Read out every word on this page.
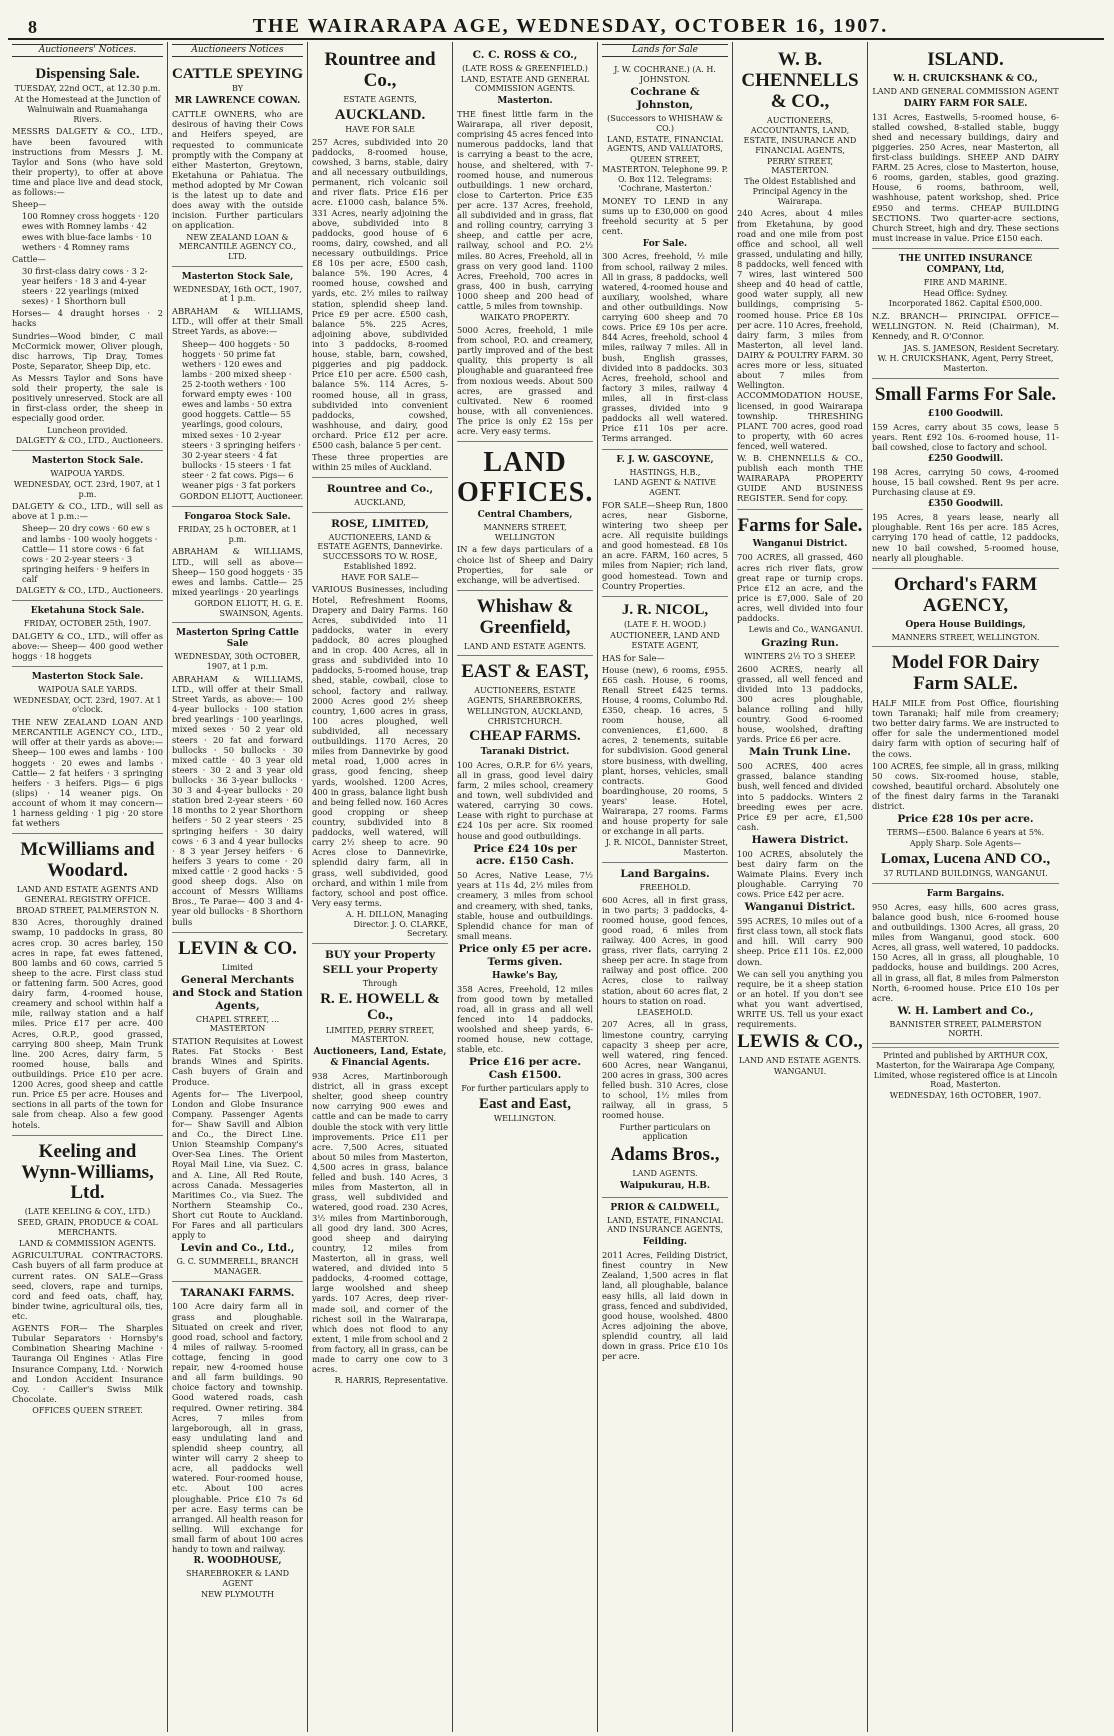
8	THE WAIRARAPA AGE, WEDNESDAY, OCTOBER 16, 1907.
Auctioneers' Notices.
Dispensing Sale.
TUESDAY, 22nd OCT., at 12.30 p.m.
At the Homestead at the Junction of Walnuiwain and Ruamahanga Rivers.
MESSRS DALGETY & CO., LTD., have been favoured with instructions from Messrs J. M. Taylor and Sons (who have sold their property), to offer at above time and place live and dead stock, as follows:—
Sheep—
100 Romney cross hoggets · 120 ewes with Romney lambs · 42 ewes with blue-face lambs · 10 wethers · 4 Romney rams
Cattle—
30 first-class dairy cows · 3 2-year heifers · 18 3 and 4-year steers · 22 yearlings (mixed sexes) · 1 Shorthorn bull
Horses— 4 draught horses · 2 hacks
Sundries—Wood binder, C mail McCormick mower, Oliver plough, disc harrows, Tip Dray, Tomes Poste, Separator, Sheep Dip, etc.
As Messrs Taylor and Sons have sold their property, the sale is positively unreserved. Stock are all in first-class order, the sheep in especially good order.
Luncheon provided.
DALGETY & CO., LTD., Auctioneers.
Masterton Stock Sale.
WAIPOUA YARDS.
WEDNESDAY, OCT. 23rd, 1907, at 1 p.m.
DALGETY & CO., LTD., will sell as above at 1 p.m.:—
Sheep— 20 dry cows · 60 ew s and lambs · 100 wooly hoggets · Cattle— 11 store cows · 6 fat cows · 20 2-year steers · 3 springing heifers · 9 heifers in calf
DALGETY & CO., LTD., Auctioneers.
Eketahuna Stock Sale.
FRIDAY, OCTOBER 25th, 1907.
DALGETY & CO., LTD., will offer as above:— Sheep— 400 good wether hoggs · 18 hoggets
Masterton Stock Sale.
WAIPOUA SALE YARDS.
WEDNESDAY, OCT. 23rd, 1907. At 1 o'clock.
THE NEW ZEALAND LOAN AND MERCANTILE AGENCY CO., LTD., will offer at their yards as above:— Sheep— 100 ewes and lambs · 100 hoggets · 20 ewes and lambs · Cattle— 2 fat heifers · 3 springing heifers · 3 heifers. Pigs— 6 pigs (slips) · 14 weaner pigs. On account of whom it may concern— 1 harness gelding · 1 pig · 20 store fat wethers
McWilliams and Woodard.
LAND AND ESTATE AGENTS AND GENERAL REGISTRY OFFICE.
BROAD STREET, PALMERSTON N.
830 Acres, thoroughly drained swamp, 10 paddocks in grass, 80 acres crop. 30 acres barley, 150 acres in rape, fat ewes fattened, 800 lambs and 60 cows, carried 5 sheep to the acre. First class stud or fattening farm. 500 Acres, good dairy farm, 4-roomed house, creamery and school within half a mile, railway station and a half miles. Price £17 per acre. 400 Acres, O.R.P., good grassed, carrying 800 sheep, Main Trunk line. 200 Acres, dairy farm, 5 roomed house, balls and outbuildings. Price £10 per acre. 1200 Acres, good sheep and cattle run. Price £5 per acre. Houses and sections in all parts of the town for sale from cheap. Also a few good hotels.
Keeling and Wynn-Williams, Ltd.
(LATE KEELING & COY., LTD.)
SEED, GRAIN, PRODUCE & COAL MERCHANTS.
LAND & COMMISSION AGENTS.
AGRICULTURAL CONTRACTORS. Cash buyers of all farm produce at current rates. ON SALE—Grass seed, clovers, rape and turnips, cord and feed oats, chaff, hay, binder twine, agricultural oils, ties, etc.
AGENTS FOR— The Sharples Tubular Separators · Hornsby's Combination Shearing Machine · Tauranga Oil Engines · Atlas Fire Insurance Company, Ltd. · Norwich and London Accident Insurance Coy. · Cailler's Swiss Milk Chocolate.
OFFICES QUEEN STREET.
Auctioneers Notices
CATTLE SPEYING
BY
MR LAWRENCE COWAN.
CATTLE OWNERS, who are desirous of having their Cows and Heifers speyed, are requested to communicate promptly with the Company at either Masterton, Greytown, Eketahuna or Pahiatua. The method adopted by Mr Cowan is the latest up to date and does away with the outside incision. Further particulars on application.
NEW ZEALAND LOAN & MERCANTILE AGENCY CO., LTD.
Masterton Stock Sale,
WEDNESDAY, 16th OCT., 1907, at 1 p.m.
ABRAHAM & WILLIAMS, LTD., will offer at their Small Street Yards, as above:—
Sheep— 400 hoggets · 50 hoggets · 50 prime fat wethers · 120 ewes and lambs · 200 mixed sheep · 25 2-tooth wethers · 100 forward empty ewes · 100 ewes and lambs · 50 extra good hoggets. Cattle— 55 yearlings, good colours, mixed sexes · 10 2-year steers · 3 springing heifers · 30 2-year steers · 4 fat bullocks · 15 steers · 1 fat steer · 2 fat cows. Pigs— 6 weaner pigs · 3 fat porkers
GORDON ELIOTT, Auctioneer.
Fongaroa Stock Sale.
FRIDAY, 25 h OCTOBER, at 1 p.m.
ABRAHAM & WILLIAMS, LTD., will sell as above— Sheep— 150 good hoggets · 35 ewes and lambs. Cattle— 25 mixed yearlings · 20 yearlings
GORDON ELIOTT, H. G. E. SWAINSON, Agents.
Masterton Spring Cattle Sale
WEDNESDAY, 30th OCTOBER, 1907, at 1 p.m.
ABRAHAM & WILLIAMS, LTD., will offer at their Small Street Yards, as above:— 100 4-year bullocks · 100 station bred yearlings · 100 yearlings, mixed sexes · 50 2 year old steers · 20 fat and forward bullocks · 50 bullocks · 30 mixed cattle · 40 3 year old steers · 30 2 and 3 year old bullocks · 36 3-year bullocks · 30 3 and 4-year bullocks · 20 station bred 2-year steers · 60 18 months to 2 year Shorthorn heifers · 50 2 year steers · 25 springing heifers · 30 dairy cows · 6 3 and 4 year bullocks · 8 3 year Jersey heifers · 6 heifers 3 years to come · 20 mixed cattle · 2 good hacks · 5 good sheep dogs. Also on account of Messrs Williams Bros., Te Parae— 400 3 and 4-year old bullocks · 8 Shorthorn bulls
LEVIN & CO.
Limited
General Merchants and Stock and Station Agents,
CHAPEL STREET, ... MASTERTON
STATION Requisites at Lowest Rates. Fat Stocks · Best brands Wines and Spirits. Cash buyers of Grain and Produce.
Agents for— The Liverpool, London and Globe Insurance Company. Passenger Agents for— Shaw Savill and Albion and Co., the Direct Line. Union Steamship Company's Over-Sea Lines. The Orient Royal Mail Line, via Suez. C. and A. Line, All Red Route, across Canada. Messageries Maritimes Co., via Suez. The Northern Steamship Co., Short cut Route to Auckland. For Fares and all particulars apply to
Levin and Co., Ltd.,
G. C. SUMMERELL, BRANCH MANAGER.
TARANAKI FARMS.
100 Acre dairy farm all in grass and ploughable. Situated on creek and river, good road, school and factory, 4 miles of railway. 5-roomed cottage, fencing in good repair, new 4-roomed house and all farm buildings. 90 choice factory and township. Good watered roads, cash required. Owner retiring. 384 Acres, 7 miles from largeborough, all in grass, easy undulating land and splendid sheep country, all winter will carry 2 sheep to acre, all paddocks well watered. Four-roomed house, etc. About 100 acres ploughable. Price £10 7s 6d per acre. Easy terms can be arranged. All health reason for selling. Will exchange for small farm of about 100 acres handy to town and railway.
R. WOODHOUSE,
SHAREBROKER & LAND AGENT
NEW PLYMOUTH
Rountree and Co.,
ESTATE AGENTS,
AUCKLAND.
HAVE FOR SALE
257 Acres, subdivided into 20 paddocks, 8-roomed house, cowshed, 3 barns, stable, dairy and all necessary outbuildings, permanent, rich volcanic soil and river flats. Price £16 per acre. £1000 cash, balance 5%. 331 Acres, nearly adjoining the above, subdivided into 8 paddocks, good house of 6 rooms, dairy, cowshed, and all necessary outbuildings. Price £8 10s per acre, £500 cash, balance 5%. 190 Acres, 4 roomed house, cowshed and yards, etc. 2½ miles to railway station, splendid sheep land. Price £9 per acre. £500 cash, balance 5%. 225 Acres, adjoining above, subdivided into 3 paddocks, 8-roomed house, stable, barn, cowshed, piggeries and pig paddock. Price £10 per acre. £500 cash, balance 5%. 114 Acres, 5-roomed house, all in grass, subdivided into convenient paddocks, cowshed, washhouse, and dairy, good orchard. Price £12 per acre. £500 cash, balance 5 per cent.
These three properties are within 25 miles of Auckland.
Rountree and Co.,
AUCKLAND,
ROSE, LIMITED,
AUCTIONEERS, LAND & ESTATE AGENTS, Dannevirke. SUCCESSORS TO W. ROSE, Established 1892.
HAVE FOR SALE—
VARIOUS Businesses, including Hotel, Refreshment Rooms, Drapery and Dairy Farms. 160 Acres, subdivided into 11 paddocks, water in every paddock, 80 acres ploughed and in crop. 400 Acres, all in grass and subdivided into 10 paddocks, 5-roomed house, trap shed, stable, cowbail, close to school, factory and railway. 2000 Acres good 2½ sheep country, 1,600 acres in grass, 100 acres ploughed, well subdivided, all necessary outbuildings. 1170 Acres, 20 miles from Dannevirke by good metal road, 1,000 acres in grass, good fencing, sheep yards, woolshed. 1200 Acres, 400 in grass, balance light bush and being felled now. 160 Acres good cropping or sheep country, subdivided into 8 paddocks, well watered, will carry 2½ sheep to acre. 90 Acres close to Dannevirke, splendid dairy farm, all in grass, well subdivided, good orchard, and within 1 mile from factory, school and post office. Very easy terms.
A. H. DILLON, Managing Director. J. O. CLARKE, Secretary.
BUY your Property
SELL your Property
Through
R. E. HOWELL & Co.,
LIMITED, PERRY STREET, MASTERTON.
Auctioneers, Land, Estate, & Financial Agents.
938 Acres, Martinborough district, all in grass except shelter, good sheep country now carrying 900 ewes and cattle and can be made to carry double the stock with very little improvements. Price £11 per acre. 7,500 Acres, situated about 50 miles from Masterton, 4,500 acres in grass, balance felled and bush. 140 Acres, 3 miles from Masterton, all in grass, well subdivided and watered, good road. 230 Acres, 3½ miles from Martinborough, all good dry land. 300 Acres, good sheep and dairying country, 12 miles from Masterton, all in grass, well watered, and divided into 5 paddocks, 4-roomed cottage, large woolshed and sheep yards. 107 Acres, deep river-made soil, and corner of the richest soil in the Wairarapa, which does not flood to any extent, 1 mile from school and 2 from factory, all in grass, can be made to carry one cow to 3 acres.
R. HARRIS, Representative.
C. C. ROSS & CO.,
(LATE ROSS & GREENFIELD.)
LAND, ESTATE AND GENERAL COMMISSION AGENTS.
Masterton.
THE finest little farm in the Wairarapa, all river deposit, comprising 45 acres fenced into numerous paddocks, land that is carrying a beast to the acre, house, and sheltered, with 7-roomed house, and numerous outbuildings. 1 new orchard, close to Carterton. Price £35 per acre. 137 Acres, freehold, all subdivided and in grass, flat and rolling country, carrying 3 sheep, and cattle per acre, railway, school and P.O. 2½ miles. 80 Acres, Freehold, all in grass on very good land. 1100 Acres, Freehold, 700 acres in grass, 400 in bush, carrying 1000 sheep and 200 head of cattle, 5 miles from township.
WAIKATO PROPERTY.
5000 Acres, freehold, 1 mile from school, P.O. and creamery, partly improved and of the best quality, this property is all ploughable and guaranteed free from noxious weeds. About 500 acres, are grassed and cultivated. New 6 roomed house, with all conveniences. The price is only £2 15s per acre. Very easy terms.
LAND OFFICES.
Central Chambers,
MANNERS STREET, WELLINGTON
IN a few days particulars of a choice list of Sheep and Dairy Properties, for sale or exchange, will be advertised.
Whishaw & Greenfield,
LAND AND ESTATE AGENTS.
EAST & EAST,
AUCTIONEERS, ESTATE AGENTS, SHAREBROKERS,
WELLINGTON, AUCKLAND, CHRISTCHURCH.
CHEAP FARMS.
Taranaki District.
100 Acres, O.R.P. for 6½ years, all in grass, good level dairy farm, 2 miles school, creamery and town, well subdivided and watered, carrying 30 cows. Lease with right to purchase at £24 10s per acre. Six roomed house and good outbuildings.
Price £24 10s per acre. £150 Cash.
50 Acres, Native Lease, 7½ years at 11s 4d, 2½ miles from creamery, 3 miles from school and creamery, with shed, tanks, stable, house and outbuildings. Splendid chance for man of small means.
Price only £5 per acre. Terms given.
Hawke's Bay,
358 Acres, Freehold, 12 miles from good town by metalled road, all in grass and all well fenced into 14 paddocks, woolshed and sheep yards, 6-roomed house, new cottage, stable, etc.
Price £16 per acre. Cash £1500.
For further particulars apply to
East and East,
WELLINGTON.
Lands for Sale
J. W. COCHRANE.) (A. H. JOHNSTON.
Cochrane & Johnston,
(Successors to WHISHAW & CO.)
LAND, ESTATE, FINANCIAL AGENTS, AND VALUATORS,
QUEEN STREET, MASTERTON. Telephone 99. P. O. Box 112. Telegrams: 'Cochrane, Masterton.'
MONEY TO LEND in any sums up to £30,000 on good freehold security at 5 per cent.
For Sale.
300 Acres, freehold, ½ mile from school, railway 2 miles. All in grass, 8 paddocks, well watered, 4-roomed house and auxiliary, woolshed, whare and other outbuildings. Now carrying 600 sheep and 70 cows. Price £9 10s per acre. 844 Acres, freehold, school 4 miles, railway 7 miles. All in bush, English grasses, divided into 8 paddocks. 303 Acres, freehold, school and factory 3 miles, railway 4 miles, all in first-class grasses, divided into 9 paddocks all well watered. Price £11 10s per acre. Terms arranged.
F. J. W. GASCOYNE,
HASTINGS, H.B.,
LAND AGENT & NATIVE AGENT.
FOR SALE—Sheep Run, 1800 acres, near Gisborne, wintering two sheep per acre. All requisite buildings and good homestead. £8 10s an acre. FARM, 160 acres, 5 miles from Napier; rich land, good homestead. Town and Country Properties.
J. R. NICOL,
(LATE F. H. WOOD.)
AUCTIONEER, LAND AND ESTATE AGENT,
HAS for Sale—
House (new), 6 rooms, £955. £65 cash. House, 6 rooms, Renall Street £425 terms. House, 4 rooms, Columbo Rd. £350, cheap. 16 acres, 5 room house, all conveniences, £1,600. 8 acres, 2 tenements, suitable for subdivision. Good general store business, with dwelling, plant, horses, vehicles, small contracts. Good boardinghouse, 20 rooms, 5 years' lease. Hotel, Wairarapa, 27 rooms. Farms and house property for sale or exchange in all parts.
J. R. NICOL, Dannister Street, Masterton.
Land Bargains.
FREEHOLD.
600 Acres, all in first grass, in two parts; 3 paddocks, 4-roomed house, good fences, good road, 6 miles from railway. 400 Acres, in good grass, river flats, carrying 2 sheep per acre. In stage from railway and post office. 200 Acres, close to railway station, about 60 acres flat, 2 hours to station on road.
LEASEHOLD.
207 Acres, all in grass, limestone country, carrying capacity 3 sheep per acre, well watered, ring fenced. 600 Acres, near Wanganui, 200 acres in grass, 300 acres felled bush. 310 Acres, close to school, 1½ miles from railway, all in grass, 5 roomed house.
Further particulars on application
Adams Bros.,
LAND AGENTS.
Waipukurau, H.B.
PRIOR & CALDWELL,
LAND, ESTATE, FINANCIAL AND INSURANCE AGENTS,
Feilding.
2011 Acres, Feilding District, finest country in New Zealand, 1,500 acres in flat land, all ploughable, balance easy hills, all laid down in grass, fenced and subdivided, good house, woolshed. 4800 Acres adjoining the above, splendid country, all laid down in grass. Price £10 10s per acre.
W. B. CHENNELLS & CO.,
AUCTIONEERS,
ACCOUNTANTS, LAND, ESTATE, INSURANCE AND FINANCIAL AGENTS,
PERRY STREET, MASTERTON.
The Oldest Established and Principal Agency in the Wairarapa.
240 Acres, about 4 miles from Eketahuna, by good road and one mile from post office and school, all well grassed, undulating and hilly, 8 paddocks, well fenced with 7 wires, last wintered 500 sheep and 40 head of cattle, good water supply, all new buildings, comprising 5-roomed house. Price £8 10s per acre. 110 Acres, freehold, dairy farm, 3 miles from Masterton, all level land. DAIRY & POULTRY FARM. 30 acres more or less, situated about 7 miles from Wellington. ACCOMMODATION HOUSE, licensed, in good Wairarapa township. THRESHING PLANT. 700 acres, good road to property, with 60 acres fenced, well watered.
W. B. CHENNELLS & CO., publish each month THE WAIRARAPA PROPERTY GUIDE AND BUSINESS REGISTER. Send for copy.
Farms for Sale.
Wanganui District.
700 ACRES, all grassed, 460 acres rich river flats, grow great rape or turnip crops. Price £12 an acre, and the price is £7,000. Sale of 20 acres, well divided into four paddocks.
Lewis and Co., WANGANUI.
Grazing Run.
WINTERS 2½ TO 3 SHEEP.
2600 ACRES, nearly all grassed, all well fenced and divided into 13 paddocks, 300 acres ploughable, balance rolling and hilly country. Good 6-roomed house, woolshed, drafting yards. Price £6 per acre.
Main Trunk Line.
500 ACRES, 400 acres grassed, balance standing bush, well fenced and divided into 5 paddocks. Winters 2 breeding ewes per acre. Price £9 per acre, £1,500 cash.
Hawera District.
100 ACRES, absolutely the best dairy farm on the Waimate Plains. Every inch ploughable. Carrying 70 cows. Price £42 per acre.
Wanganui District.
595 ACRES, 10 miles out of a first class town, all stock flats and hill. Will carry 900 sheep. Price £11 10s. £2,000 down.
We can sell you anything you require, be it a sheep station or an hotel. If you don't see what you want advertised, WRITE US. Tell us your exact requirements.
LEWIS & CO.,
LAND AND ESTATE AGENTS.
WANGANUI.
ISLAND.
W. H. CRUICKSHANK & CO.,
LAND AND GENERAL COMMISSION AGENT
DAIRY FARM FOR SALE.
131 Acres, Eastwells, 5-roomed house, 6-stalled cowshed, 8-stalled stable, buggy shed and necessary buildings, dairy and piggeries. 250 Acres, near Masterton, all first-class buildings. SHEEP AND DAIRY FARM. 25 Acres, close to Masterton, house, 6 rooms, garden, stables, good grazing. House, 6 rooms, bathroom, well, washhouse, patent workshop, shed. Price £950 and terms. CHEAP BUILDING SECTIONS. Two quarter-acre sections, Church Street, high and dry. These sections must increase in value. Price £150 each.
THE UNITED INSURANCE COMPANY, Ltd,
FIRE AND MARINE.
Head Office: Sydney.
Incorporated 1862. Capital £500,000.
N.Z. BRANCH— PRINCIPAL OFFICE—WELLINGTON. N. Reid (Chairman), M. Kennedy, and R. O'Connor.
JAS. S. JAMESON, Resident Secretary.
W. H. CRUICKSHANK, Agent, Perry Street, Masterton.
Small Farms For Sale.
£100 Goodwill.
159 Acres, carry about 35 cows, lease 5 years. Rent £92 10s. 6-roomed house, 11-bail cowshed, close to factory and school.
£250 Goodwill.
198 Acres, carrying 50 cows, 4-roomed house, 15 bail cowshed. Rent 9s per acre. Purchasing clause at £9.
£350 Goodwill.
195 Acres, 8 years lease, nearly all ploughable. Rent 16s per acre. 185 Acres, carrying 170 head of cattle, 12 paddocks, new 10 bail cowshed, 5-roomed house, nearly all ploughable.
Orchard's FARM AGENCY,
Opera House Buildings,
MANNERS STREET, WELLINGTON.
Model FOR Dairy Farm SALE.
HALF MILE from Post Office, flourishing town Taranaki; half mile from creamery; two better dairy farms. We are instructed to offer for sale the undermentioned model dairy farm with option of securing half of the cows.
100 ACRES, fee simple, all in grass, milking 50 cows. Six-roomed house, stable, cowshed, beautiful orchard. Absolutely one of the finest dairy farms in the Taranaki district.
Price £28 10s per acre.
TERMS—£500. Balance 6 years at 5%.
Apply Sharp. Sole Agents—
Lomax, Lucena AND CO.,
37 RUTLAND BUILDINGS, WANGANUI.
Farm Bargains.
950 Acres, easy hills, 600 acres grass, balance good bush, nice 6-roomed house and outbuildings. 1300 Acres, all grass, 20 miles from Wanganui, good stock. 600 Acres, all grass, well watered, 10 paddocks. 150 Acres, all in grass, all ploughable, 10 paddocks, house and buildings. 200 Acres, all in grass, all flat, 8 miles from Palmerston North, 6-roomed house. Price £10 10s per acre.
W. H. Lambert and Co.,
BANNISTER STREET, PALMERSTON NORTH.
Printed and published by ARTHUR COX, Masterton, for the Wairarapa Age Company, Limited, whose registered office is at Lincoln Road, Masterton.
WEDNESDAY, 16th OCTOBER, 1907.
